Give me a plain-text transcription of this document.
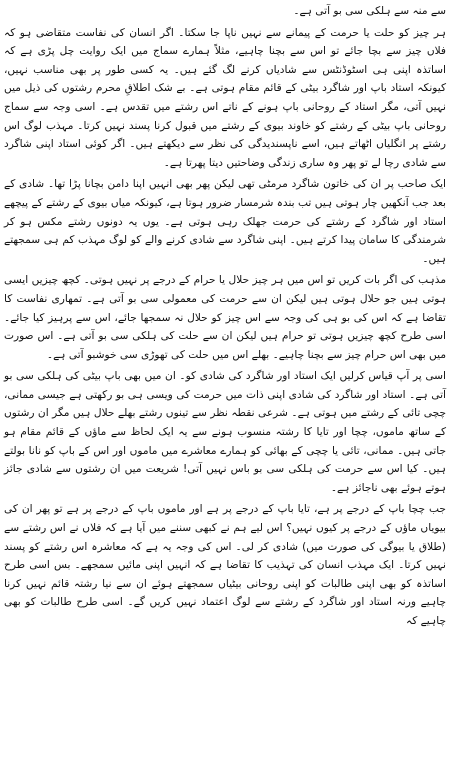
سے منہ سے ہلکی سی بو آتی ہے۔

ہر چیز کو حلت یا حرمت کے پیمانے سے نہیں ناپا جا سکتا۔ اگر انسان کی نفاست متقاضی ہو کہ فلاں چیز سے بچا جائے تو اس سے بچنا چاہیے، مثلاً ہمارے سماج میں ایک روایت چل پڑی ہے کہ اساتذہ اپنی ہی اسٹوڈنٹس سے شادیاں کرنے لگ گئے ہیں۔ یہ کسی طور پر بھی مناسب نہیں، کیونکہ استاد باپ اور شاگرد بیٹی کے قائم مقام ہوتی ہے۔ بے شک اطلاقِ محرم رشتوں کی ذیل میں نہیں آتی، مگر استاد کے روحانی باپ ہونے کے ناتے اس رشتے میں تقدس ہے۔ اسی وجہ سے سماج روحانی باپ بیٹی کے رشتے کو خاوند بیوی کے رشتے میں قبول کرنا پسند نہیں کرتا۔ مہذب لوگ اس رشتے پر انگلیاں اٹھاتے ہیں، اسے ناپسندیدگی کی نظر سے دیکھتے ہیں۔ اگر کوئی استاد اپنی شاگرد سے شادی رچا لے تو پھر وہ ساری زندگی وضاحتیں دیتا پھرتا ہے۔

ایک صاحب پر ان کی خاتون شاگرد مرمٹی تھی لیکن پھر بھی انہیں اپنا دامن بچانا پڑا تھا۔ شادی کے بعد جب آنکھیں چار ہوتی ہیں تب بندہ شرمسار ضرور ہوتا ہے، کیونکہ میاں بیوی کے رشتے کے پیچھے استاد اور شاگرد کے رشتے کی حرمت جھلک رہی ہوتی ہے۔ یوں یہ دونوں رشتے مکس ہو کر شرمندگی کا سامان پیدا کرتے ہیں۔ اپنی شاگرد سے شادی کرنے والے کو لوگ مہذب کم ہی سمجھتے ہیں۔

مذہب کی اگر بات کریں تو اس میں ہر چیز حلال یا حرام کے درجے پر نہیں ہوتی۔ کچھ چیزیں ایسی ہوتی ہیں جو حلال ہوتی ہیں لیکن ان سے حرمت کی معمولی سی بو آتی ہے۔ تمھاری نفاست کا تقاضا ہے کہ اس کی بو ہی کی وجہ سے اس چیز کو حلال نہ سمجھا جائے، اس سے پرہیز کیا جائے۔ اسی طرح کچھ چیزیں ہوتی تو حرام ہیں لیکن ان سے حلت کی ہلکی سی بو آتی ہے۔ اس صورت میں بھی اس حرام چیز سے بچنا چاہیے۔ بھلے اس میں حلت کی تھوڑی سی خوشبو آتی ہے۔

اسی پر آپ قیاس کرلیں ایک استاد اور شاگرد کی شادی کو۔ ان میں بھی باپ بیٹی کی ہلکی سی بو آتی ہے۔ استاد اور شاگرد کی شادی اپنی ذات میں حرمت کی ویسی ہی بو رکھتی ہے جیسی ممانی، چچی تائی کے رشتے میں ہوتی ہے۔ شرعی نقطہ نظر سے تینوں رشتے بھلے حلال ہیں مگر ان رشتوں کے ساتھ ماموں، چچا اور تایا کا رشتہ منسوب ہونے سے یہ ایک لحاظ سے ماؤں کے قائم مقام ہو جاتی ہیں۔ ممانی، تائی یا چچی کے بھائی کو ہمارے معاشرے میں ماموں اور اس کے باپ کو نانا بولتے ہیں۔ کیا اس سے حرمت کی ہلکی سی بو باس نہیں آتی! شریعت میں ان رشتوں سے شادی جائز ہوتے ہوئے بھی ناجائز ہے۔

جب چچا باپ کے درجے پر ہے، تایا باپ کے درجے پر ہے اور ماموں باپ کے درجے پر ہے تو پھر ان کی بیویاں ماؤں کے درجے پر کیوں نہیں؟ اس لیے ہم نے کبھی سننے میں آیا ہے کہ فلاں نے اس رشتے سے (طلاق یا بیوگی کی صورت میں) شادی کر لی۔ اس کی وجہ یہ ہے کہ معاشرہ اس رشتے کو پسند نہیں کرتا۔ ایک مہذب انسان کی تہذیب کا تقاضا ہے کہ انہیں اپنی مائیں سمجھے۔ بس اسی طرح اساتذہ کو بھی اپنی طالبات کو اپنی روحانی بیٹیاں سمجھتے ہوئے ان سے نیا رشتہ قائم نہیں کرنا چاہیے ورنہ استاد اور شاگرد کے رشتے سے لوگ اعتماد نہیں کریں گے۔ اسی طرح طالبات کو بھی چاہیے کہ
